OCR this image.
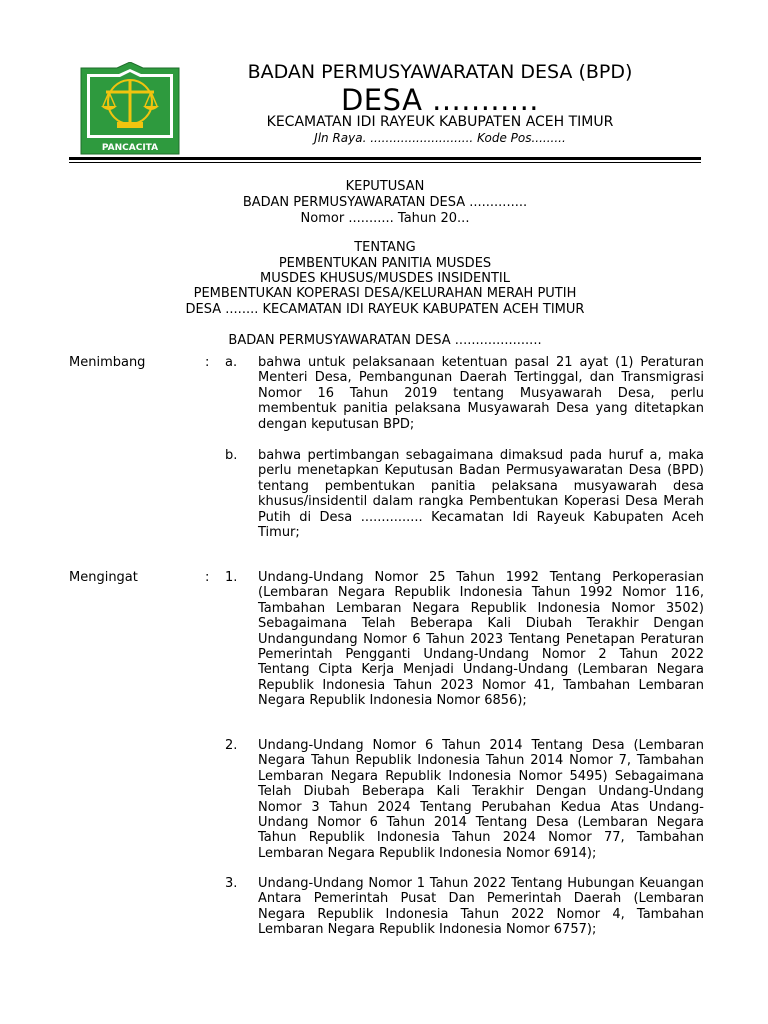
PANCACITA
BADAN PERMUSYAWARATAN DESA (BPD)
DESA ...........
KECAMATAN IDI RAYEUK KABUPATEN ACEH TIMUR
Jln Raya. ........................... Kode Pos.........
KEPUTUSAN
BADAN PERMUSYAWARATAN DESA ..............
Nomor ........... Tahun 20...
TENTANG
PEMBENTUKAN PANITIA MUSDES
MUSDES KHUSUS/MUSDES INSIDENTIL
PEMBENTUKAN KOPERASI DESA/KELURAHAN MERAH PUTIH
DESA ........ KECAMATAN IDI RAYEUK KABUPATEN ACEH TIMUR
BADAN PERMUSYAWARATAN DESA .....................
Menimbang	: a. bahwa untuk pelaksanaan ketentuan pasal 21 ayat (1) Peraturan Menteri Desa, Pembangunan Daerah Tertinggal, dan Transmigrasi Nomor 16 Tahun 2019 tentang Musyawarah Desa, perlu membentuk panitia pelaksana Musyawarah Desa yang ditetapkan dengan keputusan BPD;
b. bahwa pertimbangan sebagaimana dimaksud pada huruf a, maka perlu menetapkan Keputusan Badan Permusyawaratan Desa (BPD) tentang pembentukan panitia pelaksana musyawarah desa khusus/insidentil dalam rangka Pembentukan Koperasi Desa Merah Putih di Desa ............... Kecamatan Idi Rayeuk Kabupaten Aceh Timur;
Mengingat	: 1. Undang-Undang Nomor 25 Tahun 1992 Tentang Perkoperasian (Lembaran Negara Republik Indonesia Tahun 1992 Nomor 116, Tambahan Lembaran Negara Republik Indonesia Nomor 3502) Sebagaimana Telah Beberapa Kali Diubah Terakhir Dengan Undangundang Nomor 6 Tahun 2023 Tentang Penetapan Peraturan Pemerintah Pengganti Undang-Undang Nomor 2 Tahun 2022 Tentang Cipta Kerja Menjadi Undang-Undang (Lembaran Negara Republik Indonesia Tahun 2023 Nomor 41, Tambahan Lembaran Negara Republik Indonesia Nomor 6856);
2. Undang-Undang Nomor 6 Tahun 2014 Tentang Desa (Lembaran Negara Tahun Republik Indonesia Tahun 2014 Nomor 7, Tambahan Lembaran Negara Republik Indonesia Nomor 5495) Sebagaimana Telah Diubah Beberapa Kali Terakhir Dengan Undang-Undang Nomor 3 Tahun 2024 Tentang Perubahan Kedua Atas Undang-Undang Nomor 6 Tahun 2014 Tentang Desa (Lembaran Negara Tahun Republik Indonesia Tahun 2024 Nomor 77, Tambahan Lembaran Negara Republik Indonesia Nomor 6914);
3. Undang-Undang Nomor 1 Tahun 2022 Tentang Hubungan Keuangan Antara Pemerintah Pusat Dan Pemerintah Daerah (Lembaran Negara Republik Indonesia Tahun 2022 Nomor 4, Tambahan Lembaran Negara Republik Indonesia Nomor 6757);
